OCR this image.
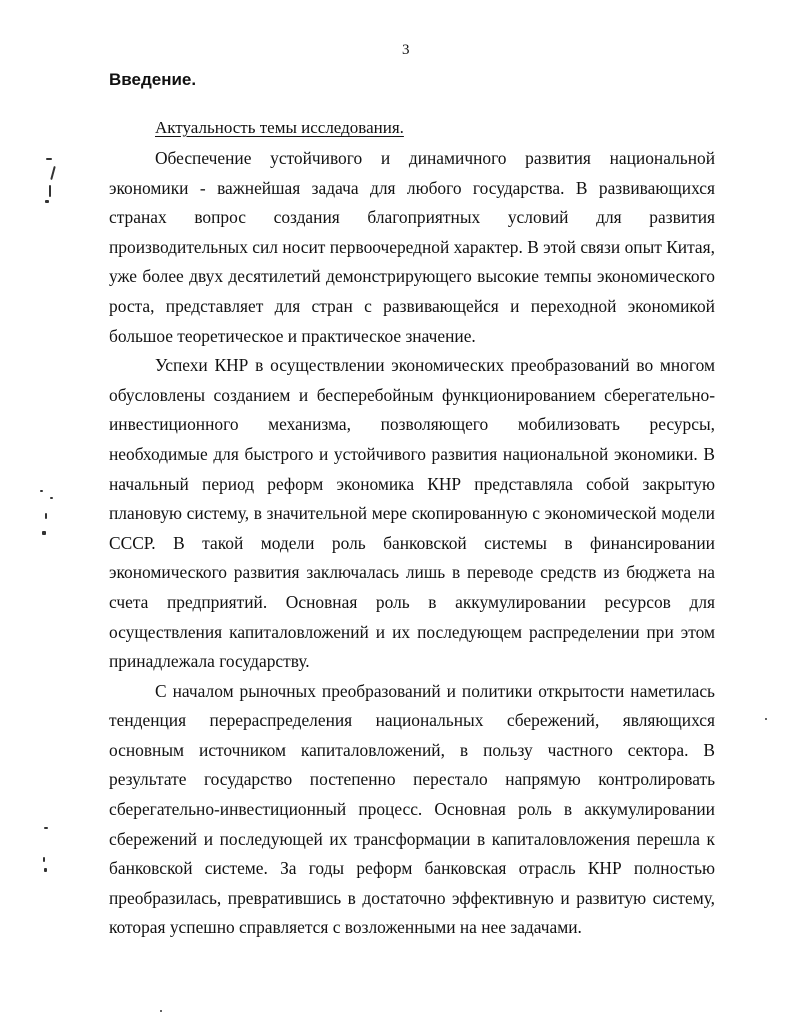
3
Введение.
Актуальность темы исследования.

Обеспечение устойчивого и динамичного развития национальной экономики - важнейшая задача для любого государства. В развивающихся странах вопрос создания благоприятных условий для развития производительных сил носит первоочередной характер. В этой связи опыт Китая, уже более двух десятилетий демонстрирующего высокие темпы экономического роста, представляет для стран с развивающейся и переходной экономикой большое теоретическое и практическое значение.

Успехи КНР в осуществлении экономических преобразований во многом обусловлены созданием и бесперебойным функционированием сберегательно-инвестиционного механизма, позволяющего мобилизовать ресурсы, необходимые для быстрого и устойчивого развития национальной экономики. В начальный период реформ экономика КНР представляла собой закрытую плановую систему, в значительной мере скопированную с экономической модели СССР. В такой модели роль банковской системы в финансировании экономического развития заключалась лишь в переводе средств из бюджета на счета предприятий. Основная роль в аккумулировании ресурсов для осуществления капиталовложений и их последующем распределении при этом принадлежала государству.

С началом рыночных преобразований и политики открытости наметилась тенденция перераспределения национальных сбережений, являющихся основным источником капиталовложений, в пользу частного сектора. В результате государство постепенно перестало напрямую контролировать сберегательно-инвестиционный процесс. Основная роль в аккумулировании сбережений и последующей их трансформации в капиталовложения перешла к банковской системе. За годы реформ банковская отрасль КНР полностью преобразилась, превратившись в достаточно эффективную и развитую систему, которая успешно справляется с возложенными на нее задачами.
